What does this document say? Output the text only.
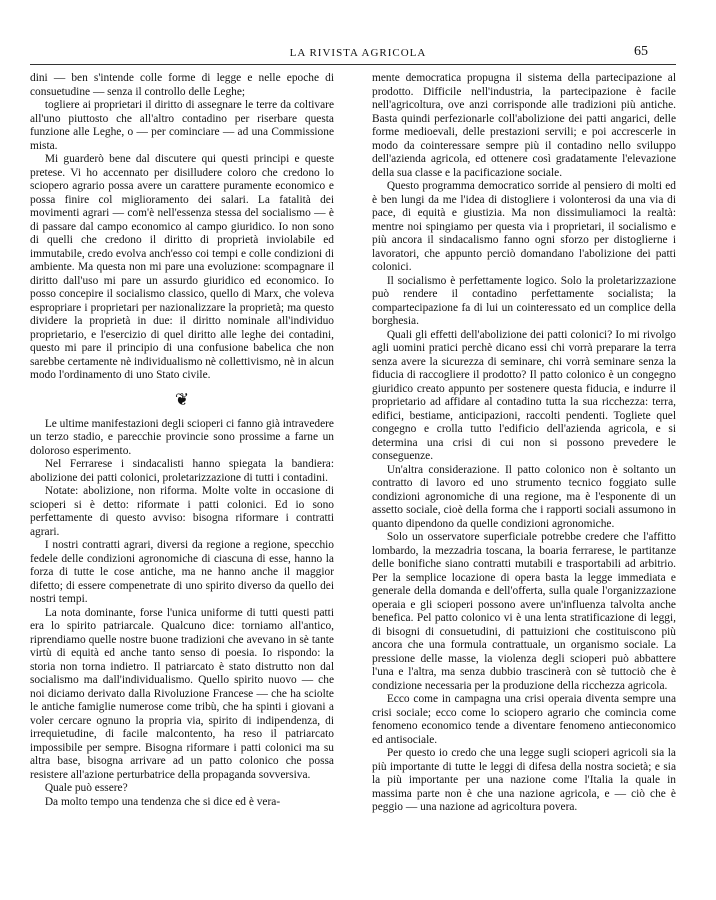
LA RIVISTA AGRICOLA	65

dini — ben s'intende colle forme di legge e nelle epoche di consuetudine — senza il controllo delle Leghe;

togliere ai proprietari il diritto di assegnare le terre da coltivare all'uno piuttosto che all'altro contadino per riserbare questa funzione alle Leghe, o — per cominciare — ad una Commissione mista.

Mi guarderò bene dal discutere qui questi principi e queste pretese. Vi ho accennato per disilludere coloro che credono lo sciopero agrario possa avere un carattere puramente economico e possa finire col miglioramento dei salari. La fatalità dei movimenti agrari — com'è nell'essenza stessa del socialismo — è di passare dal campo economico al campo giuridico. Io non sono di quelli che credono il diritto di proprietà inviolabile ed immutabile, credo evolva anch'esso coi tempi e colle condizioni di ambiente. Ma questa non mi pare una evoluzione: scompagnare il diritto dall'uso mi pare un assurdo giuridico ed economico. Io posso concepire il socialismo classico, quello di Marx, che voleva espropriare i proprietari per nazionalizzare la proprietà; ma questo dividere la proprietà in due: il diritto nominale all'individuo proprietario, e l'esercizio di quel diritto alle leghe dei contadini, questo mi pare il principio di una confusione babelica che non sarebbe certamente nè individualismo nè collettivismo, nè in alcun modo l'ordinamento di uno Stato civile.

❦

Le ultime manifestazioni degli scioperi ci fanno già intravedere un terzo stadio, e parecchie provincie sono prossime a farne un doloroso esperimento.

Nel Ferrarese i sindacalisti hanno spiegata la bandiera: abolizione dei patti colonici, proletarizzazione di tutti i contadini.

Notate: abolizione, non riforma. Molte volte in occasione di scioperi si è detto: riformate i patti colonici. Ed io sono perfettamente di questo avviso: bisogna riformare i contratti agrari.

I nostri contratti agrari, diversi da regione a regione, specchio fedele delle condizioni agronomiche di ciascuna di esse, hanno la forza di tutte le cose antiche, ma ne hanno anche il maggior difetto; di essere compenetrate di uno spirito diverso da quello dei nostri tempi.

La nota dominante, forse l'unica uniforme di tutti questi patti era lo spirito patriarcale. Qualcuno dice: torniamo all'antico, riprendiamo quelle nostre buone tradizioni che avevano in sè tante virtù di equità ed anche tanto senso di poesia. Io rispondo: la storia non torna indietro. Il patriarcato è stato distrutto non dal socialismo ma dall'individualismo. Quello spirito nuovo — che noi diciamo derivato dalla Rivoluzione Francese — che ha sciolte le antiche famiglie numerose come tribù, che ha spinti i giovani a voler cercare ognuno la propria via, spirito di indipendenza, di irrequietudine, di facile malcontento, ha reso il patriarcato impossibile per sempre. Bisogna riformare i patti colonici ma su altra base, bisogna arrivare ad un patto colonico che possa resistere all'azione perturbatrice della propaganda sovversiva.

Quale può essere?

Da molto tempo una tendenza che si dice ed è vera-

mente democratica propugna il sistema della partecipazione al prodotto. Difficile nell'industria, la partecipazione è facile nell'agricoltura, ove anzi corrisponde alle tradizioni più antiche. Basta quindi perfezionarle coll'abolizione dei patti angarici, delle forme medioevali, delle prestazioni servili; e poi accrescerle in modo da cointeressare sempre più il contadino nello sviluppo dell'azienda agricola, ed ottenere così gradatamente l'elevazione della sua classe e la pacificazione sociale.

Questo programma democratico sorride al pensiero di molti ed è ben lungi da me l'idea di distogliere i volonterosi da una via di pace, di equità e giustizia. Ma non dissimuliamoci la realtà: mentre noi spingiamo per questa via i proprietari, il socialismo e più ancora il sindacalismo fanno ogni sforzo per distoglierne i lavoratori, che appunto perciò domandano l'abolizione dei patti colonici.

Il socialismo è perfettamente logico. Solo la proletarizzazione può rendere il contadino perfettamente socialista; la compartecipazione fa di lui un cointeressato ed un complice della borghesia.

Quali gli effetti dell'abolizione dei patti colonici? Io mi rivolgo agli uomini pratici perchè dicano essi chi vorrà preparare la terra senza avere la sicurezza di seminare, chi vorrà seminare senza la fiducia di raccogliere il prodotto? Il patto colonico è un congegno giuridico creato appunto per sostenere questa fiducia, e indurre il proprietario ad affidare al contadino tutta la sua ricchezza: terra, edifici, bestiame, anticipazioni, raccolti pendenti. Togliete quel congegno e crolla tutto l'edificio dell'azienda agricola, e si determina una crisi di cui non si possono prevedere le conseguenze.

Un'altra considerazione. Il patto colonico non è soltanto un contratto di lavoro ed uno strumento tecnico foggiato sulle condizioni agronomiche di una regione, ma è l'esponente di un assetto sociale, cioè della forma che i rapporti sociali assumono in quanto dipendono da quelle condizioni agronomiche.

Solo un osservatore superficiale potrebbe credere che l'affitto lombardo, la mezzadria toscana, la boaria ferrarese, le partitanze delle bonifiche siano contratti mutabili e trasportabili ad arbitrio. Per la semplice locazione di opera basta la legge immediata e generale della domanda e dell'offerta, sulla quale l'organizzazione operaia e gli scioperi possono avere un'influenza talvolta anche benefica. Pel patto colonico vi è una lenta stratificazione di leggi, di bisogni di consuetudini, di pattuizioni che costituiscono più ancora che una formula contrattuale, un organismo sociale. La pressione delle masse, la violenza degli scioperi può abbattere l'una e l'altra, ma senza dubbio trascinerà con sè tuttociò che è condizione necessaria per la produzione della ricchezza agricola.

Ecco come in campagna una crisi operaia diventa sempre una crisi sociale; ecco come lo sciopero agrario che comincia come fenomeno economico tende a diventare fenomeno antieconomico ed antisociale.

Per questo io credo che una legge sugli scioperi agricoli sia la più importante di tutte le leggi di difesa della nostra società; e sia la più importante per una nazione come l'Italia la quale in massima parte non è che una nazione agricola, e — ciò che è peggio — una nazione ad agricoltura povera.
